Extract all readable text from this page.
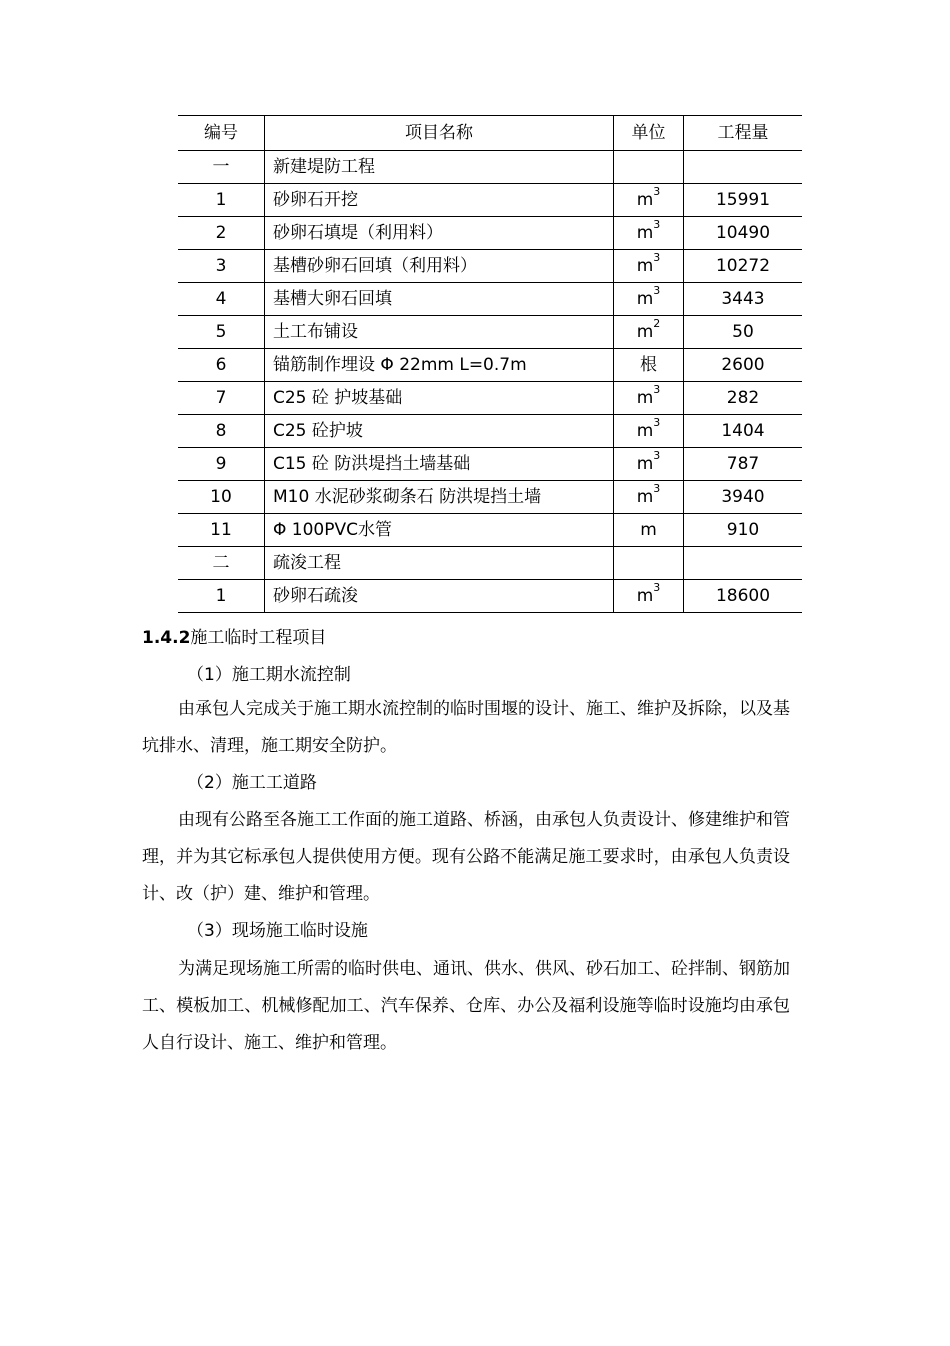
编号	项目名称	单位	工程量
一	新建堤防工程		
1	砂卵石开挖	$m^3$	15991
2	砂卵石填堤（利用料）	$m^3$	10490
3	基槽砂卵石回填（利用料）	$m^3$	10272
4	基槽大卵石回填	$m^3$	3443
5	土工布铺设	$m^2$	50
6	锚筋制作埋设 Φ 22mm L=0.7m	根	2600
7	C25 砼 护坡基础	$m^3$	282
8	C25 砼护坡	$m^3$	1404
9	C15 砼 防洪堤挡土墙基础	$m^3$	787
10	M10 水泥砂浆砌条石 防洪堤挡土墙	$m^3$	3940
11	Φ 100PVC水管	m	910
二	疏浚工程		
1	砂卵石疏浚	$m^3$	18600

1.4.2施工临时工程项目

（1）施工期水流控制

由承包人完成关于施工期水流控制的临时围堰的设计、施工、维护及拆除，以及基坑排水、清理，施工期安全防护。

（2）施工工道路

由现有公路至各施工工作面的施工道路、桥涵，由承包人负责设计、修建维护和管理，并为其它标承包人提供使用方便。现有公路不能满足施工要求时，由承包人负责设计、改（护）建、维护和管理。

（3）现场施工临时设施

为满足现场施工所需的临时供电、通讯、供水、供风、砂石加工、砼拌制、钢筋加工、模板加工、机械修配加工、汽车保养、仓库、办公及福利设施等临时设施均由承包人自行设计、施工、维护和管理。
